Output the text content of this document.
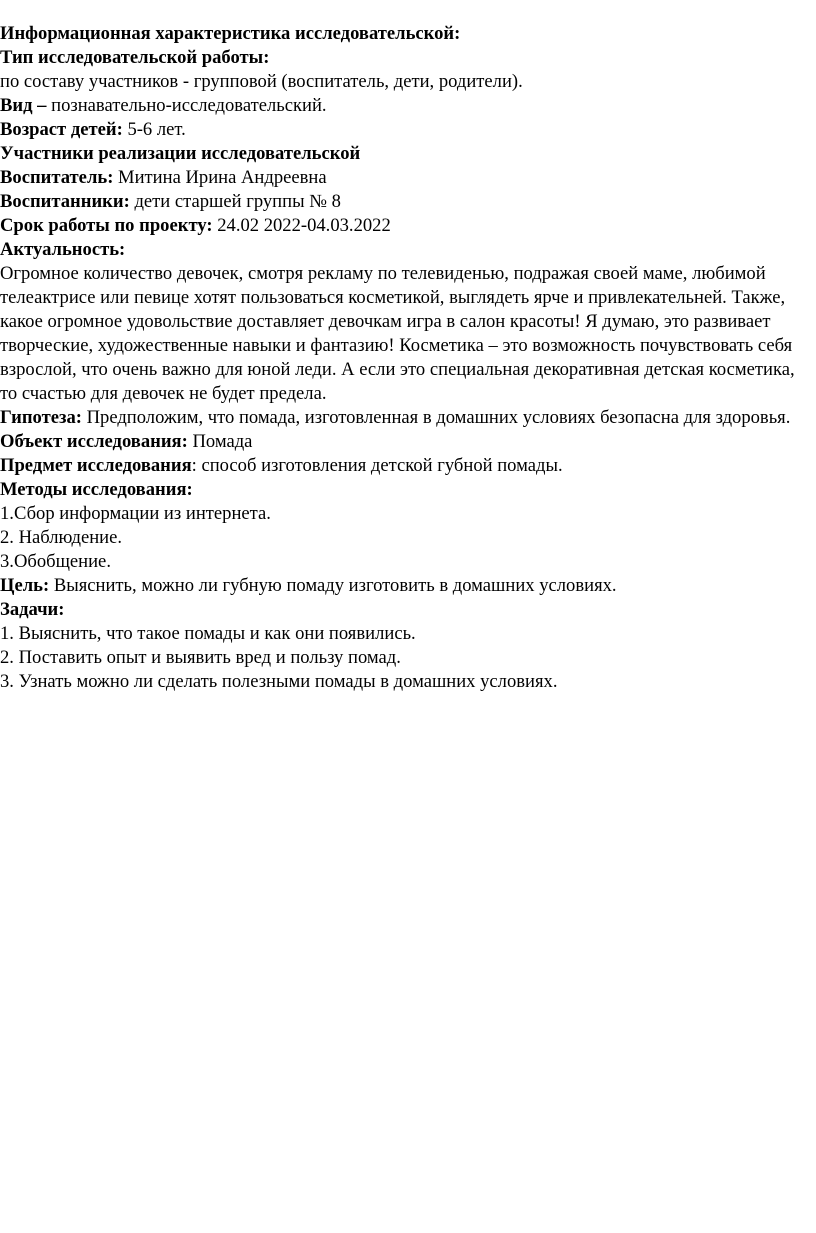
Информационная характеристика исследовательской:
Тип исследовательской работы:
по составу участников - групповой (воспитатель, дети, родители).
Вид – познавательно-исследовательский.
Возраст детей: 5-6 лет.
Участники реализации исследовательской
Воспитатель: Митина Ирина Андреевна
Воспитанники: дети старшей группы № 8
Срок работы по проекту: 24.02 2022-04.03.2022
Актуальность:

Огромное количество девочек, смотря рекламу по телевиденью, подражая своей маме, любимой телеактрисе или певице хотят пользоваться косметикой, выглядеть ярче и привлекательней. Также, какое огромное удовольствие доставляет девочкам игра в салон красоты! Я думаю, это развивает творческие, художественные навыки и фантазию! Косметика – это возможность почувствовать себя взрослой, что очень важно для юной леди. А если это специальная декоративная детская косметика, то счастью для девочек не будет предела.

Гипотеза: Предположим, что помада, изготовленная в домашних условиях безопасна для здоровья.

Объект исследования: Помада
Предмет исследования: способ изготовления детской губной помады.
Методы исследования:
1.Сбор информации из интернета.
2. Наблюдение.
3.Обобщение.
Цель: Выяснить, можно ли губную помаду изготовить в домашних условиях.
Задачи:
1. Выяснить, что такое помады и как они появились.
2. Поставить опыт и выявить вред и пользу помад.
3. Узнать можно ли сделать полезными помады в домашних условиях.
